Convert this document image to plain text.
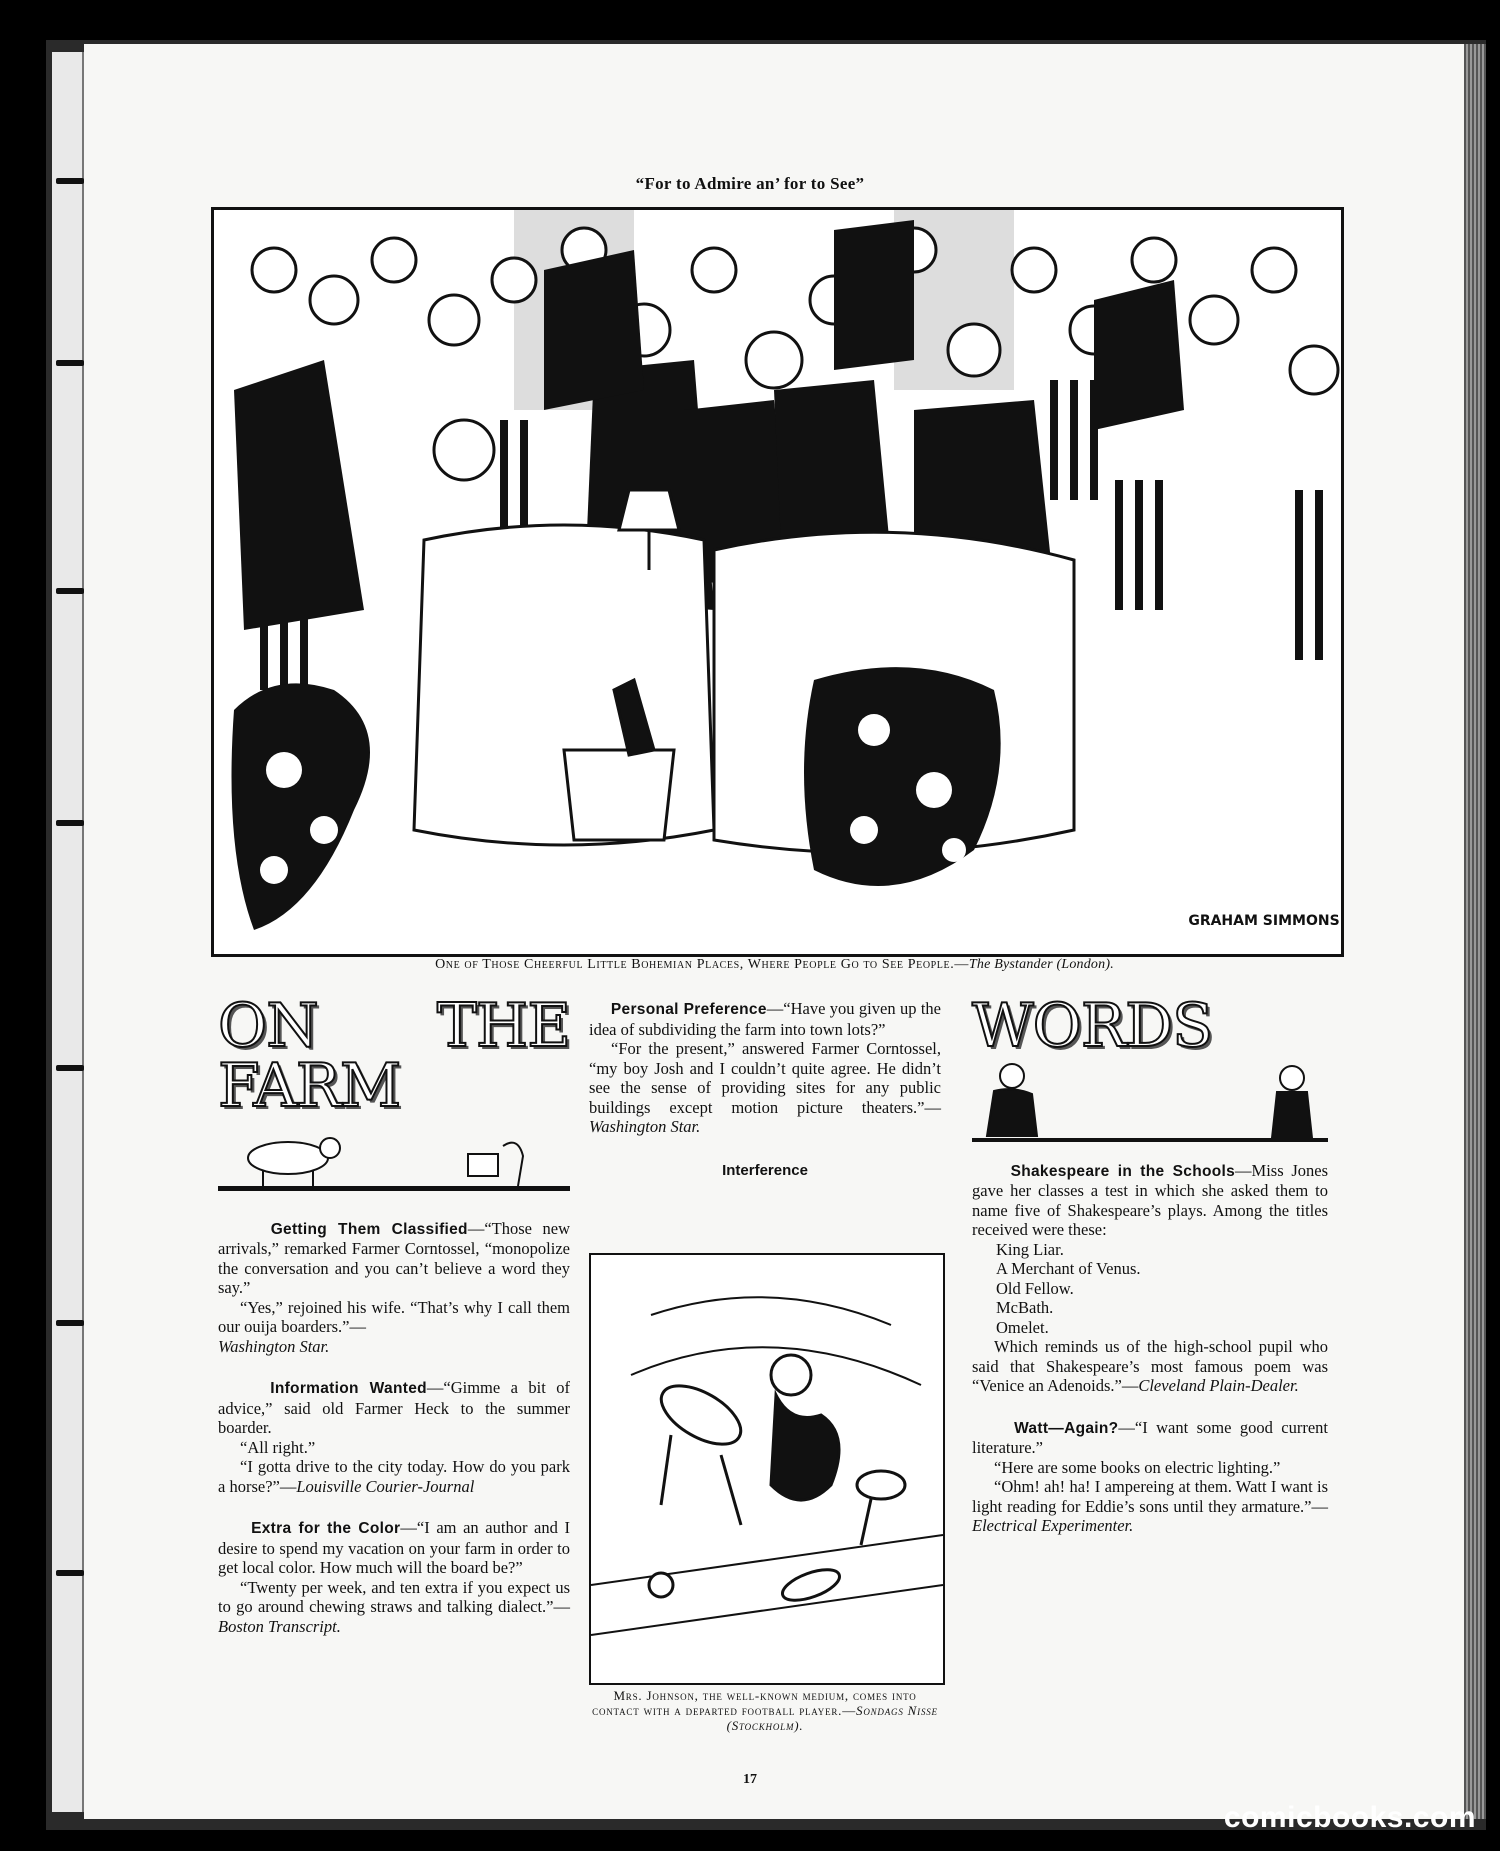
“For to Admire an’ for to See”
GRAHAM SIMMONS
One of Those Cheerful Little Bohemian Places, Where People Go to See People.—The Bystander (London).
ON THE FARM

Getting Them Classified—“Those new arrivals,” remarked Farmer Corntossel, “monopolize the conversation and you can’t believe a word they say.”

“Yes,” rejoined his wife. “That’s why I call them our ouija boarders.”—
Washington Star.

Information Wanted—“Gimme a bit of advice,” said old Farmer Heck to the summer boarder.

“All right.”

“I gotta drive to the city today. How do you park a horse?”—Louisville Courier-Journal

Extra for the Color—“I am an author and I desire to spend my vacation on your farm in order to get local color. How much will the board be?”

“Twenty per week, and ten extra if you expect us to go around chewing straws and talking dialect.”—Boston Transcript.

Personal Preference—“Have you given up the idea of subdividing the farm into town lots?”

“For the present,” answered Farmer Corntossel, “my boy Josh and I couldn’t quite agree. He didn’t see the sense of providing sites for any public buildings except motion picture theaters.”—Washington Star.

Interference
Mrs. Johnson, the well-known medium, comes into contact with a departed football player.—Sondags Nisse (Stockholm).
WORDS

Shakespeare in the Schools—Miss Jones gave her classes a test in which she asked them to name five of Shakespeare’s plays. Among the titles received were these:

King Liar.
A Merchant of Venus.
Old Fellow.
McBath.
Omelet.

Which reminds us of the high-school pupil who said that Shakespeare’s most famous poem was “Venice an Adenoids.”—Cleveland Plain-Dealer.

Watt—Again?—“I want some good current literature.”

“Here are some books on electric lighting.”

“Ohm! ah! ha! I ampereing at them. Watt I want is light reading for Eddie’s sons until they armature.”—Electrical Experimenter.

17
comicbooks.com
